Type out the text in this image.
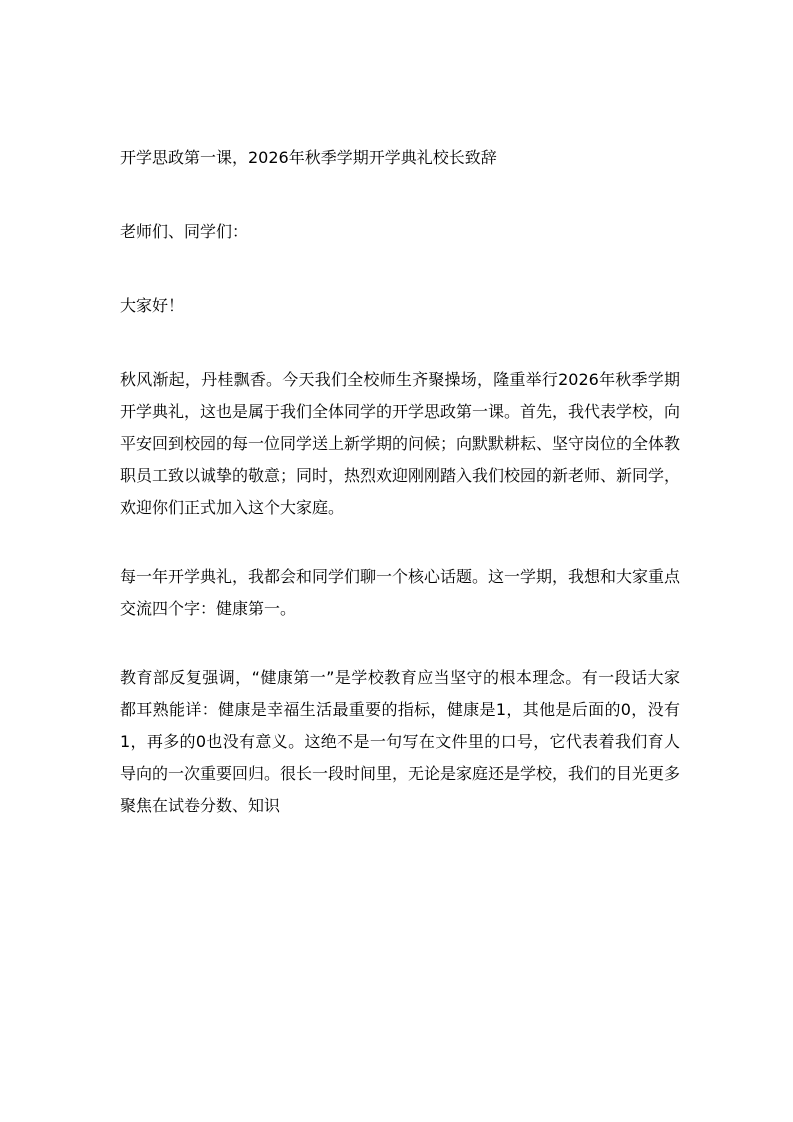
开学思政第一课，2026年秋季学期开学典礼校长致辞

老师们、同学们：

大家好！

秋风渐起，丹桂飘香。今天我们全校师生齐聚操场，隆重举行2026年秋季学期开学典礼，这也是属于我们全体同学的开学思政第一课。首先，我代表学校，向平安回到校园的每一位同学送上新学期的问候；向默默耕耘、坚守岗位的全体教职员工致以诚挚的敬意；同时，热烈欢迎刚刚踏入我们校园的新老师、新同学，欢迎你们正式加入这个大家庭。

每一年开学典礼，我都会和同学们聊一个核心话题。这一学期，我想和大家重点交流四个字：健康第一。

教育部反复强调，“健康第一”是学校教育应当坚守的根本理念。有一段话大家都耳熟能详：健康是幸福生活最重要的指标，健康是1，其他是后面的0，没有1，再多的0也没有意义。这绝不是一句写在文件里的口号，它代表着我们育人导向的一次重要回归。很长一段时间里，无论是家庭还是学校，我们的目光更多聚焦在试卷分数、知识
